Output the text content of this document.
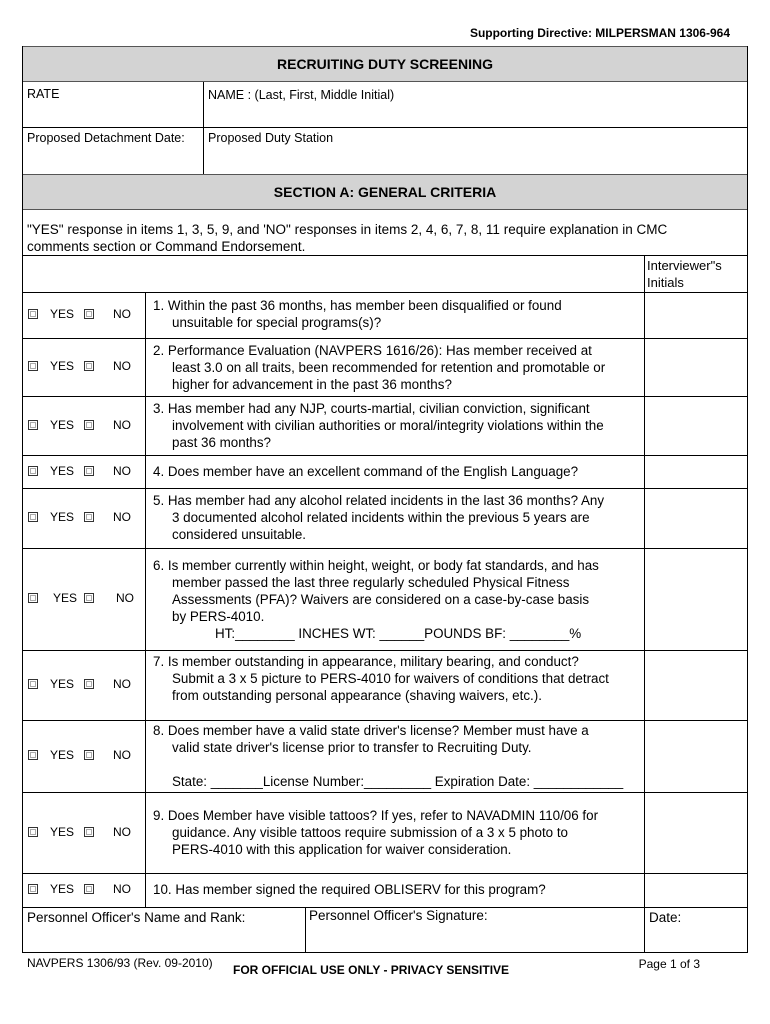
Supporting Directive: MILPERSMAN 1306-964
RECRUITING DUTY SCREENING
RATE	NAME : (Last, First, Middle Initial)
Proposed Detachment Date: Proposed Duty Station
SECTION A: GENERAL CRITERIA
"YES" response in items 1, 3, 5, 9, and 'NO" responses in items 2, 4, 6, 7, 8, 11 require explanation in CMC
comments section or Command Endorsement.
Interviewer"s
Initials
YES	NO
1. Within the past 36 months, has member been disqualified or found
unsuitable for special programs(s)?
YES	NO
2. Performance Evaluation (NAVPERS 1616/26): Has member received at
least 3.0 on all traits, been recommended for retention and promotable or
higher for advancement in the past 36 months?
YES	NO
3. Has member had any NJP, courts-martial, civilian conviction, significant
involvement with civilian authorities or moral/integrity violations within the
past 36 months?
YES	NO 4. Does member have an excellent command of the English Language?
YES	NO
5. Has member had any alcohol related incidents in the last 36 months? Any
3 documented alcohol related incidents within the previous 5 years are
considered unsuitable.
YES	NO
6. Is member currently within height, weight, or body fat standards, and has
member passed the last three regularly scheduled Physical Fitness
Assessments (PFA)? Waivers are considered on a case-by-case basis
by PERS-4010.
HT:________ INCHES WT: ______POUNDS BF: ________%
YES	NO
7. Is member outstanding in appearance, military bearing, and conduct?
Submit a 3 x 5 picture to PERS-4010 for waivers of conditions that detract
from outstanding personal appearance (shaving waivers, etc.).
YES	NO
8. Does member have a valid state driver's license? Member must have a
valid state driver's license prior to transfer to Recruiting Duty.
State: _______License Number:_________ Expiration Date: ____________
YES	NO
9. Does Member have visible tattoos? If yes, refer to NAVADMIN 110/06 for
guidance. Any visible tattoos require submission of a 3 x 5 photo to
PERS-4010 with this application for waiver consideration.
YES	NO 10. Has member signed the required OBLISERV for this program?
Personnel Officer's Name and Rank:	Personnel Officer's Signature:	Date:
NAVPERS 1306/93 (Rev. 09-2010) FOR OFFICIAL USE ONLY - PRIVACY SENSITIVE	Page 1 of 3
